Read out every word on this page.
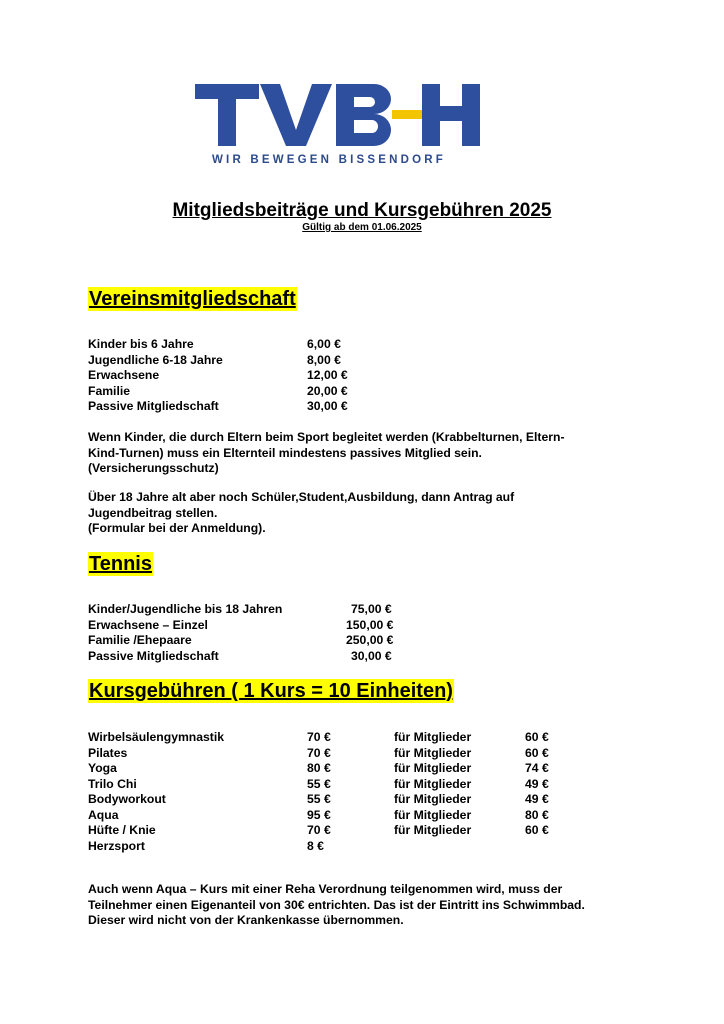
WIR BEWEGEN BISSENDORF
Mitgliedsbeiträge und Kursgebühren 2025
Gültig ab dem 01.06.2025
Vereinsmitgliedschaft
Kinder bis 6 Jahre	6,00 €
Jugendliche 6-18 Jahre	8,00 €
Erwachsene	12,00 €
Familie	20,00 €
Passive Mitgliedschaft	30,00 €
Wenn Kinder, die durch Eltern beim Sport begleitet werden (Krabbelturnen, Eltern-
Kind-Turnen) muss ein Elternteil mindestens passives Mitglied sein.
(Versicherungsschutz)
Über 18 Jahre alt aber noch Schüler,Student,Ausbildung, dann Antrag auf
Jugendbeitrag stellen.
(Formular bei der Anmeldung).
Tennis
Kinder/Jugendliche bis 18 Jahren	75,00 €
Erwachsene – Einzel	150,00 €
Familie /Ehepaare	250,00 €
Passive Mitgliedschaft	30,00 €
Kursgebühren ( 1 Kurs = 10 Einheiten)
Wirbelsäulengymnastik	70 €	für Mitglieder	60 €
Pilates	70 €	für Mitglieder	60 €
Yoga	80 €	für Mitglieder	74 €
Trilo Chi	55 €	für Mitglieder	49 €
Bodyworkout	55 €	für Mitglieder	49 €
Aqua	95 €	für Mitglieder	80 €
Hüfte / Knie	70 €	für Mitglieder	60 €
Herzsport	8 €
Auch wenn Aqua – Kurs mit einer Reha Verordnung teilgenommen wird, muss der
Teilnehmer einen Eigenanteil von 30€ entrichten. Das ist der Eintritt ins Schwimmbad.
Dieser wird nicht von der Krankenkasse übernommen.
